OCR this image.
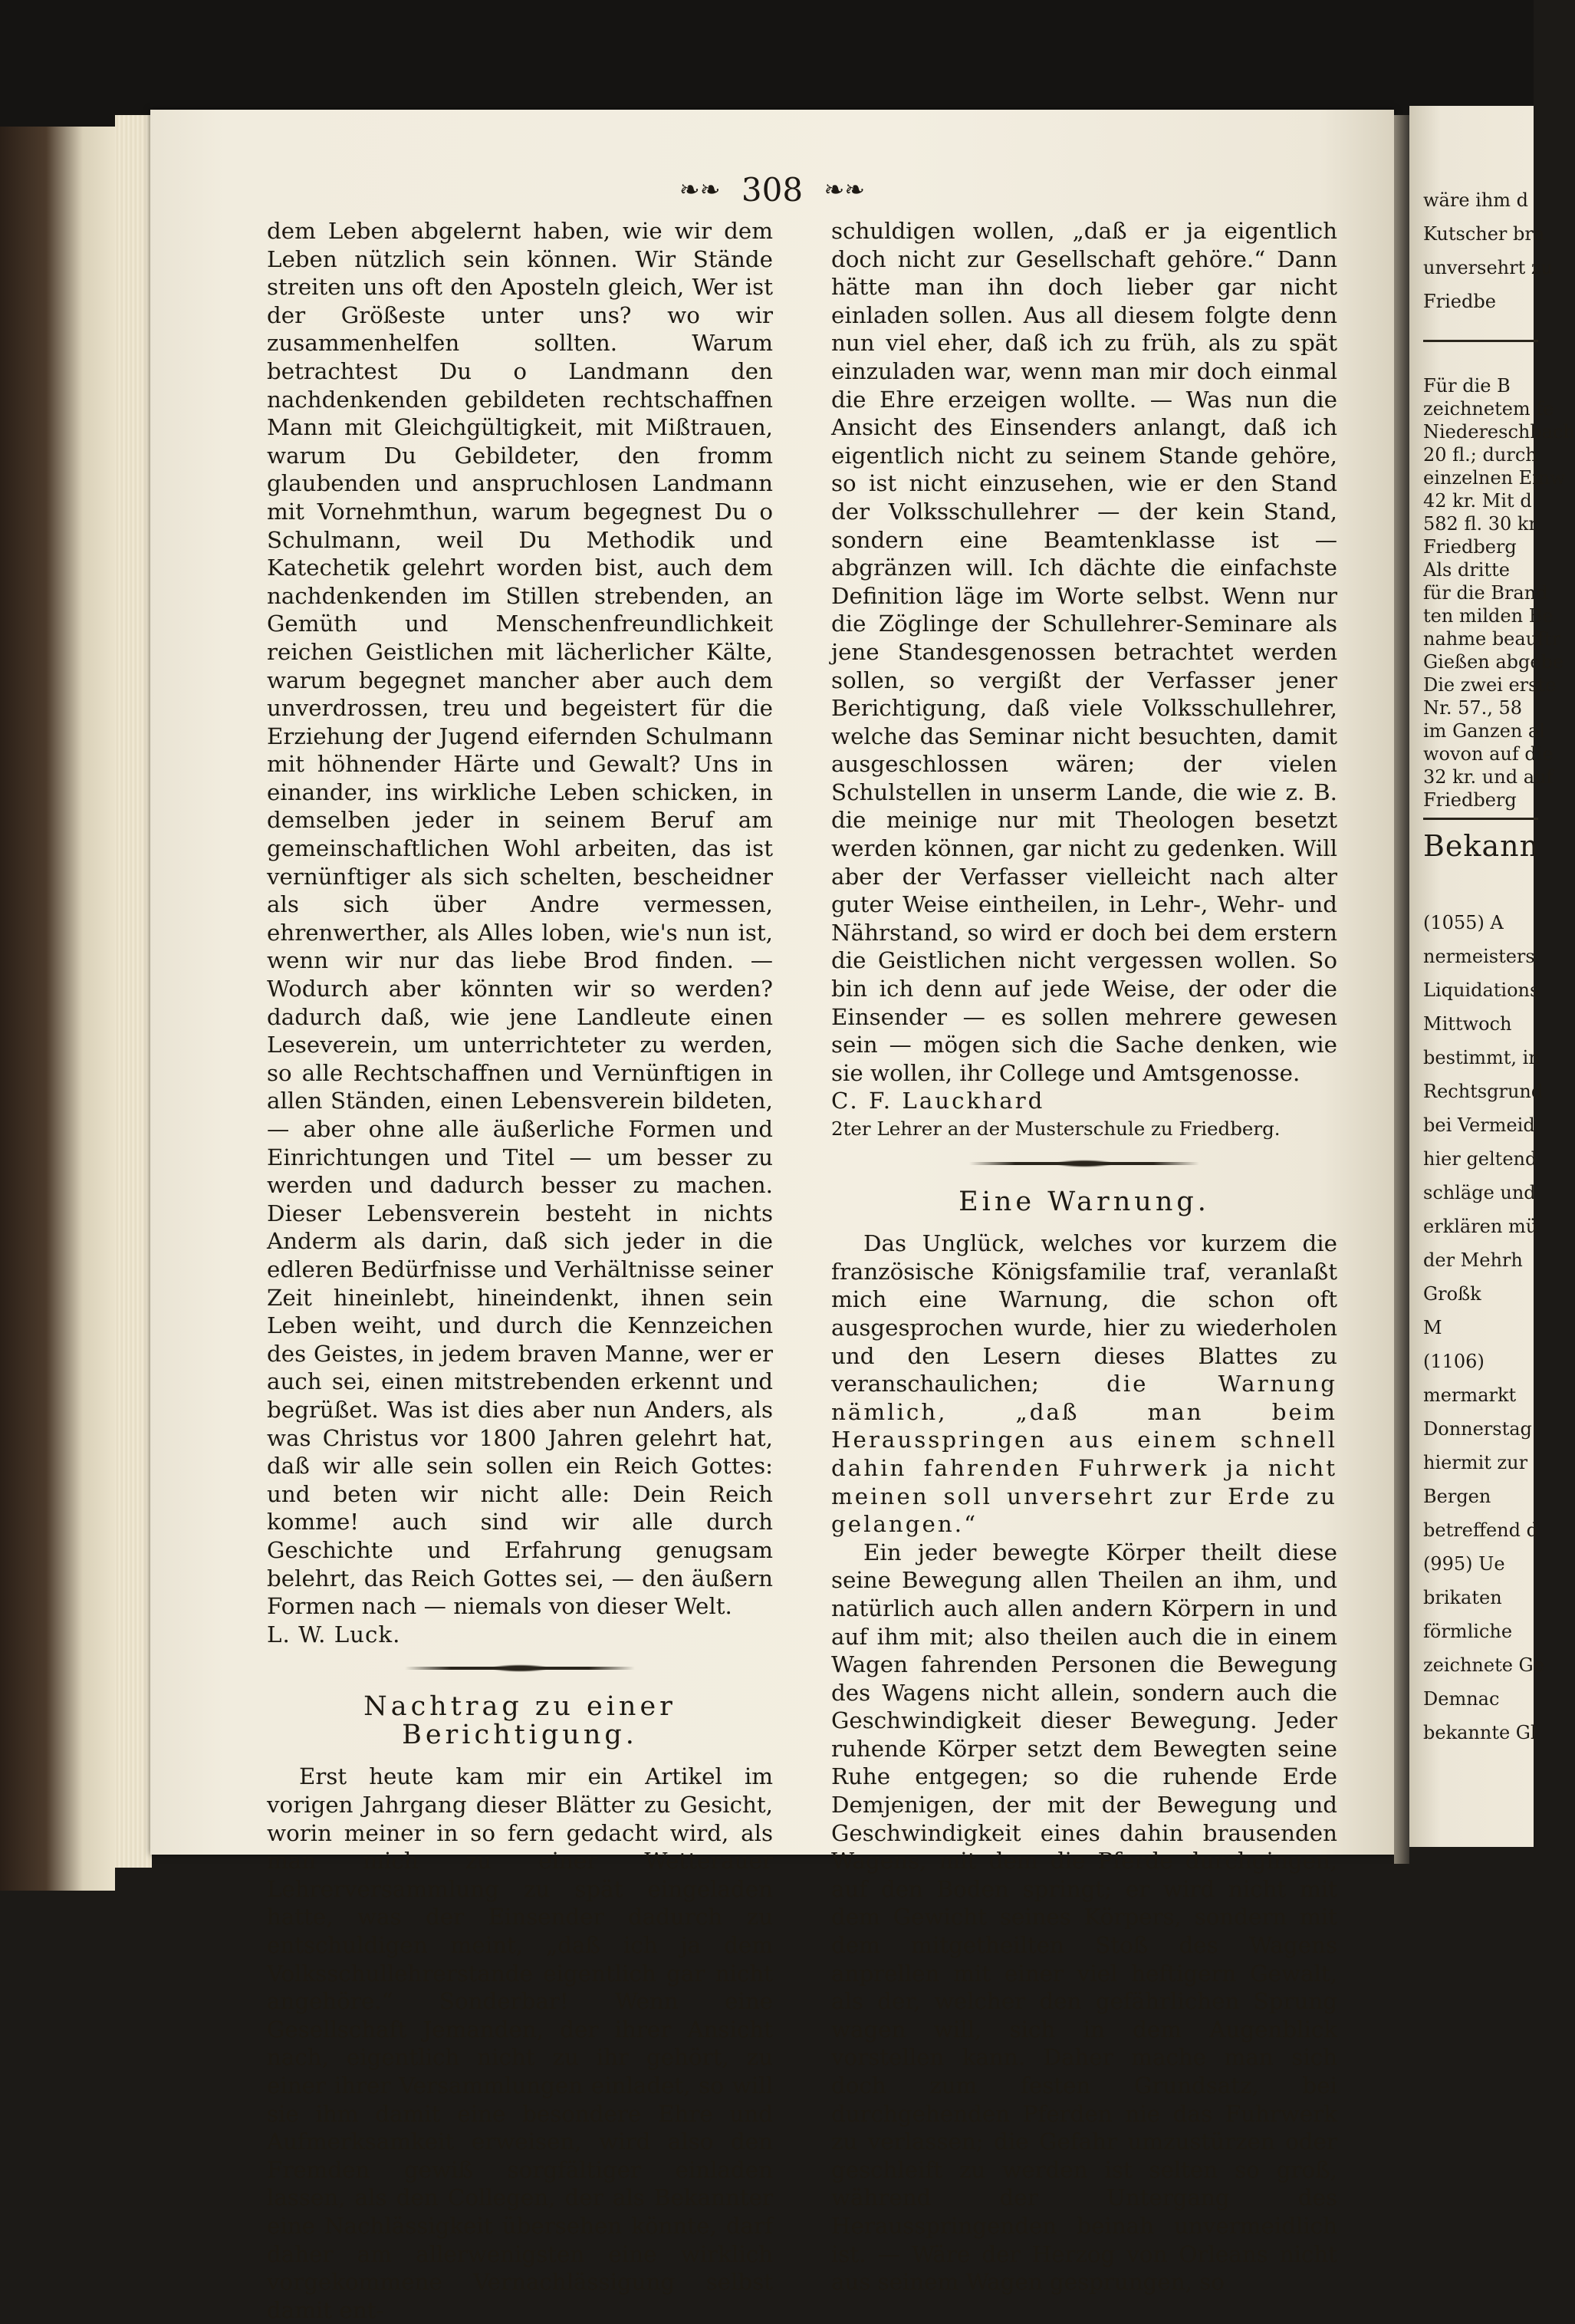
❧❧ 308 ❧❧

dem Leben abgelernt haben, wie wir dem Leben nützlich sein können. Wir Stände streiten uns oft den Aposteln gleich, Wer ist der Größeste unter uns? wo wir zusammenhelfen sollten. Warum betrachtest Du o Landmann den nachdenkenden gebildeten rechtschaffnen Mann mit Gleichgültigkeit, mit Mißtrauen, warum Du Gebildeter, den fromm glaubenden und anspruchlosen Landmann mit Vornehmthun, warum begegnest Du o Schulmann, weil Du Methodik und Katechetik gelehrt worden bist, auch dem nachdenkenden im Stillen strebenden, an Gemüth und Menschenfreundlichkeit reichen Geistlichen mit lächerlicher Kälte, warum begegnet mancher aber auch dem unverdrossen, treu und begeistert für die Erziehung der Jugend eifernden Schulmann mit höhnender Härte und Gewalt? Uns in einander, ins wirkliche Leben schicken, in demselben jeder in seinem Beruf am gemeinschaftlichen Wohl arbeiten, das ist vernünftiger als sich schelten, bescheidner als sich über Andre vermessen, ehrenwerther, als Alles loben, wie's nun ist, wenn wir nur das liebe Brod finden. — Wodurch aber könnten wir so werden? dadurch daß, wie jene Landleute einen Leseverein, um unterrichteter zu werden, so alle Rechtschaffnen und Vernünftigen in allen Ständen, einen Lebensverein bildeten, — aber ohne alle äußerliche Formen und Einrichtungen und Titel — um besser zu werden und dadurch besser zu machen. Dieser Lebensverein besteht in nichts Anderm als darin, daß sich jeder in die edleren Bedürfnisse und Verhältnisse seiner Zeit hineinlebt, hineindenkt, ihnen sein Leben weiht, und durch die Kennzeichen des Geistes, in jedem braven Manne, wer er auch sei, einen mitstrebenden erkennt und begrüßet. Was ist dies aber nun Anders, als was Christus vor 1800 Jahren gelehrt hat, daß wir alle sein sollen ein Reich Gottes: und beten wir nicht alle: Dein Reich komme! auch sind wir alle durch Geschichte und Erfahrung genugsam belehrt, das Reich Gottes sei, — den äußern Formen nach — niemals von dieser Welt.

L. W. Luck.

Nachtrag zu einer Berichtigung.

Erst heute kam mir ein Artikel im vorigen Jahrgang dieser Blätter zu Gesicht, worin meiner in so fern gedacht wird, als man mich zu einer Wetterauer Lehrerversammlung zu spät eingeladen hatte, was der Einsender dadurch zu entschuldigen meint, „daß ich ja dem Volksschullehrerstande eigentlich gar nicht angehöre.“ Sonderbar! Wenn eine Gesellschaft Jemanden, der ihrer Ansicht nach, eigentlich nicht zu ihr gehört, zu einer ihrer Versammlungen einladet, so will sie ihm damit eine besondere Ehre und Aufmerksamkeit erweisen, wird also den Fremden gewiß sorgfältiger einladen lassen, als den Collegen, der als Bekannter eine Nachlässigkeit übersehen könnte, darf daher am allerwenigsten eine wirklich vorgekommene Vernachlässigung selbst damit ent-

schuldigen wollen, „daß er ja eigentlich doch nicht zur Gesellschaft gehöre.“ Dann hätte man ihn doch lieber gar nicht einladen sollen. Aus all diesem folgte denn nun viel eher, daß ich zu früh, als zu spät einzuladen war, wenn man mir doch einmal die Ehre erzeigen wollte. — Was nun die Ansicht des Einsenders anlangt, daß ich eigentlich nicht zu seinem Stande gehöre, so ist nicht einzusehen, wie er den Stand der Volksschullehrer — der kein Stand, sondern eine Beamtenklasse ist — abgränzen will. Ich dächte die einfachste Definition läge im Worte selbst. Wenn nur die Zöglinge der Schullehrer-Seminare als jene Standesgenossen betrachtet werden sollen, so vergißt der Verfasser jener Berichtigung, daß viele Volksschullehrer, welche das Seminar nicht besuchten, damit ausgeschlossen wären; der vielen Schulstellen in unserm Lande, die wie z. B. die meinige nur mit Theologen besetzt werden können, gar nicht zu gedenken. Will aber der Verfasser vielleicht nach alter guter Weise eintheilen, in Lehr-, Wehr- und Nährstand, so wird er doch bei dem erstern die Geistlichen nicht vergessen wollen. So bin ich denn auf jede Weise, der oder die Einsender — es sollen mehrere gewesen sein — mögen sich die Sache denken, wie sie wollen, ihr College und Amtsgenosse.

C. F. Lauckhard

2ter Lehrer an der Musterschule zu Friedberg.

Eine Warnung.

Das Unglück, welches vor kurzem die französische Königsfamilie traf, veranlaßt mich eine Warnung, die schon oft ausgesprochen wurde, hier zu wiederholen und den Lesern dieses Blattes zu veranschaulichen; die Warnung nämlich, „daß man beim Herausspringen aus einem schnell dahin fahrenden Fuhrwerk ja nicht meinen soll unversehrt zur Erde zu gelangen.“

Ein jeder bewegte Körper theilt diese seine Bewegung allen Theilen an ihm, und natürlich auch allen andern Körpern in und auf ihm mit; also theilen auch die in einem Wagen fahrenden Personen die Bewegung des Wagens nicht allein, sondern auch die Geschwindigkeit dieser Bewegung. Jeder ruhende Körper setzt dem Bewegten seine Ruhe entgegen; so die ruhende Erde Demjenigen, der mit der Bewegung und Geschwindigkeit eines dahin brausenden Wagens, mit dem die Pferde durchgingen, auf den Boden springt; er wird nicht mit dem Gewicht seines Körpers, sondern mit dem mitgetheilten Stoß des Wagens anprellen mit einer viel heftigern Gewalt, als der, welcher den gefährlichen Sprung wagen will, sich in dem Augenblick vorstellen kann. Daher mache man sich doch zum festen Grundsatz, bei durchgehenden Pferden nie das Fuhrwerk zu verlassen; die Gefahr umzustürzen oder geschleift zu werden ist selten so groß, während der Untergang des Herausspringenden beinah unvermeidlich ist. — Wäre der Herzog von Orleans nicht aus seinem Wagen gesprungen, so

wäre ihm d
Kutscher bra
unversehrt zu
Friedbe
Für die B
zeichnetem fe
Niedereschbach
20 fl.; durch
einzelnen Einw
42 kr. Mit d
582 fl. 30 kr.
Friedberg
Als dritte
für die Brand
ten milden Be
nahme beauftr
Gießen abgebe
Die zwei erste
Nr. 57., 58
im Ganzen al
wovon auf die
32 kr. und auf
Friedberg
Bekann
(1055) A
nermeisters
Liquidations
Mittwoch
bestimmt, in
Rechtsgrund
bei Vermeid
hier geltend
schläge und
erklären mü
der Mehrh
Großk
M
(1106)
mermarkt
Donnerstag
hiermit zur
Bergen
betreffend d
(995) Ue
brikaten
förmliche
zeichnete Ge
Demnac
bekannte Gl
